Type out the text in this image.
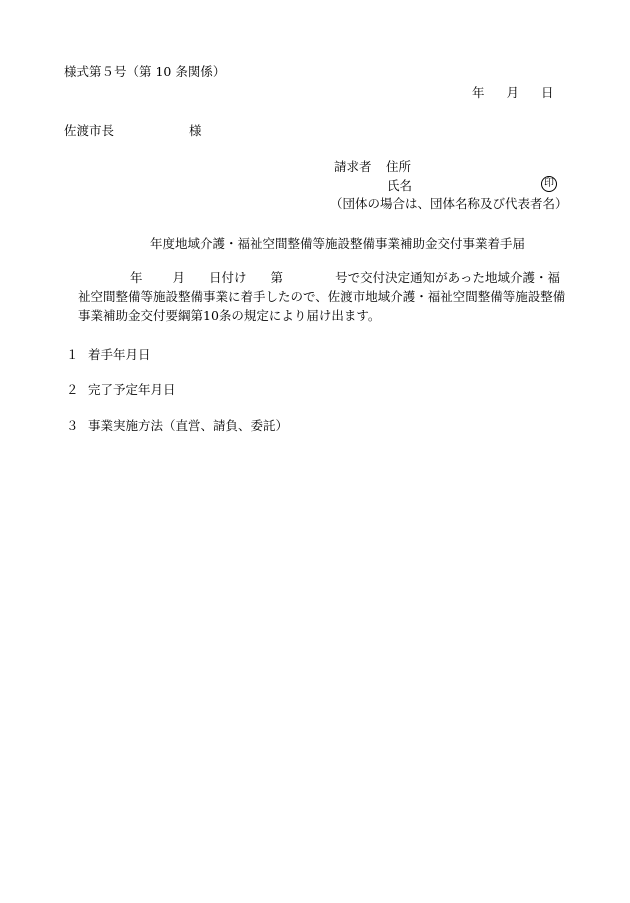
様式第５号（第 10 条関係）
年 月 日
佐渡市長	様
請求者 住所
氏名	印
（団体の場合は、団体名称及び代表者名）
年度地域介護・福祉空間整備等施設整備事業補助金交付事業着手届
年 月 日付け 第	号で交付決定通知があった地域介護・福
祉空間整備等施設整備事業に着手したので、佐渡市地域介護・福祉空間整備等施設整備
事業補助金交付要綱第10条の規定により届け出ます。
１ 着手年月日
２ 完了予定年月日
３ 事業実施方法（直営、請負、委託）
